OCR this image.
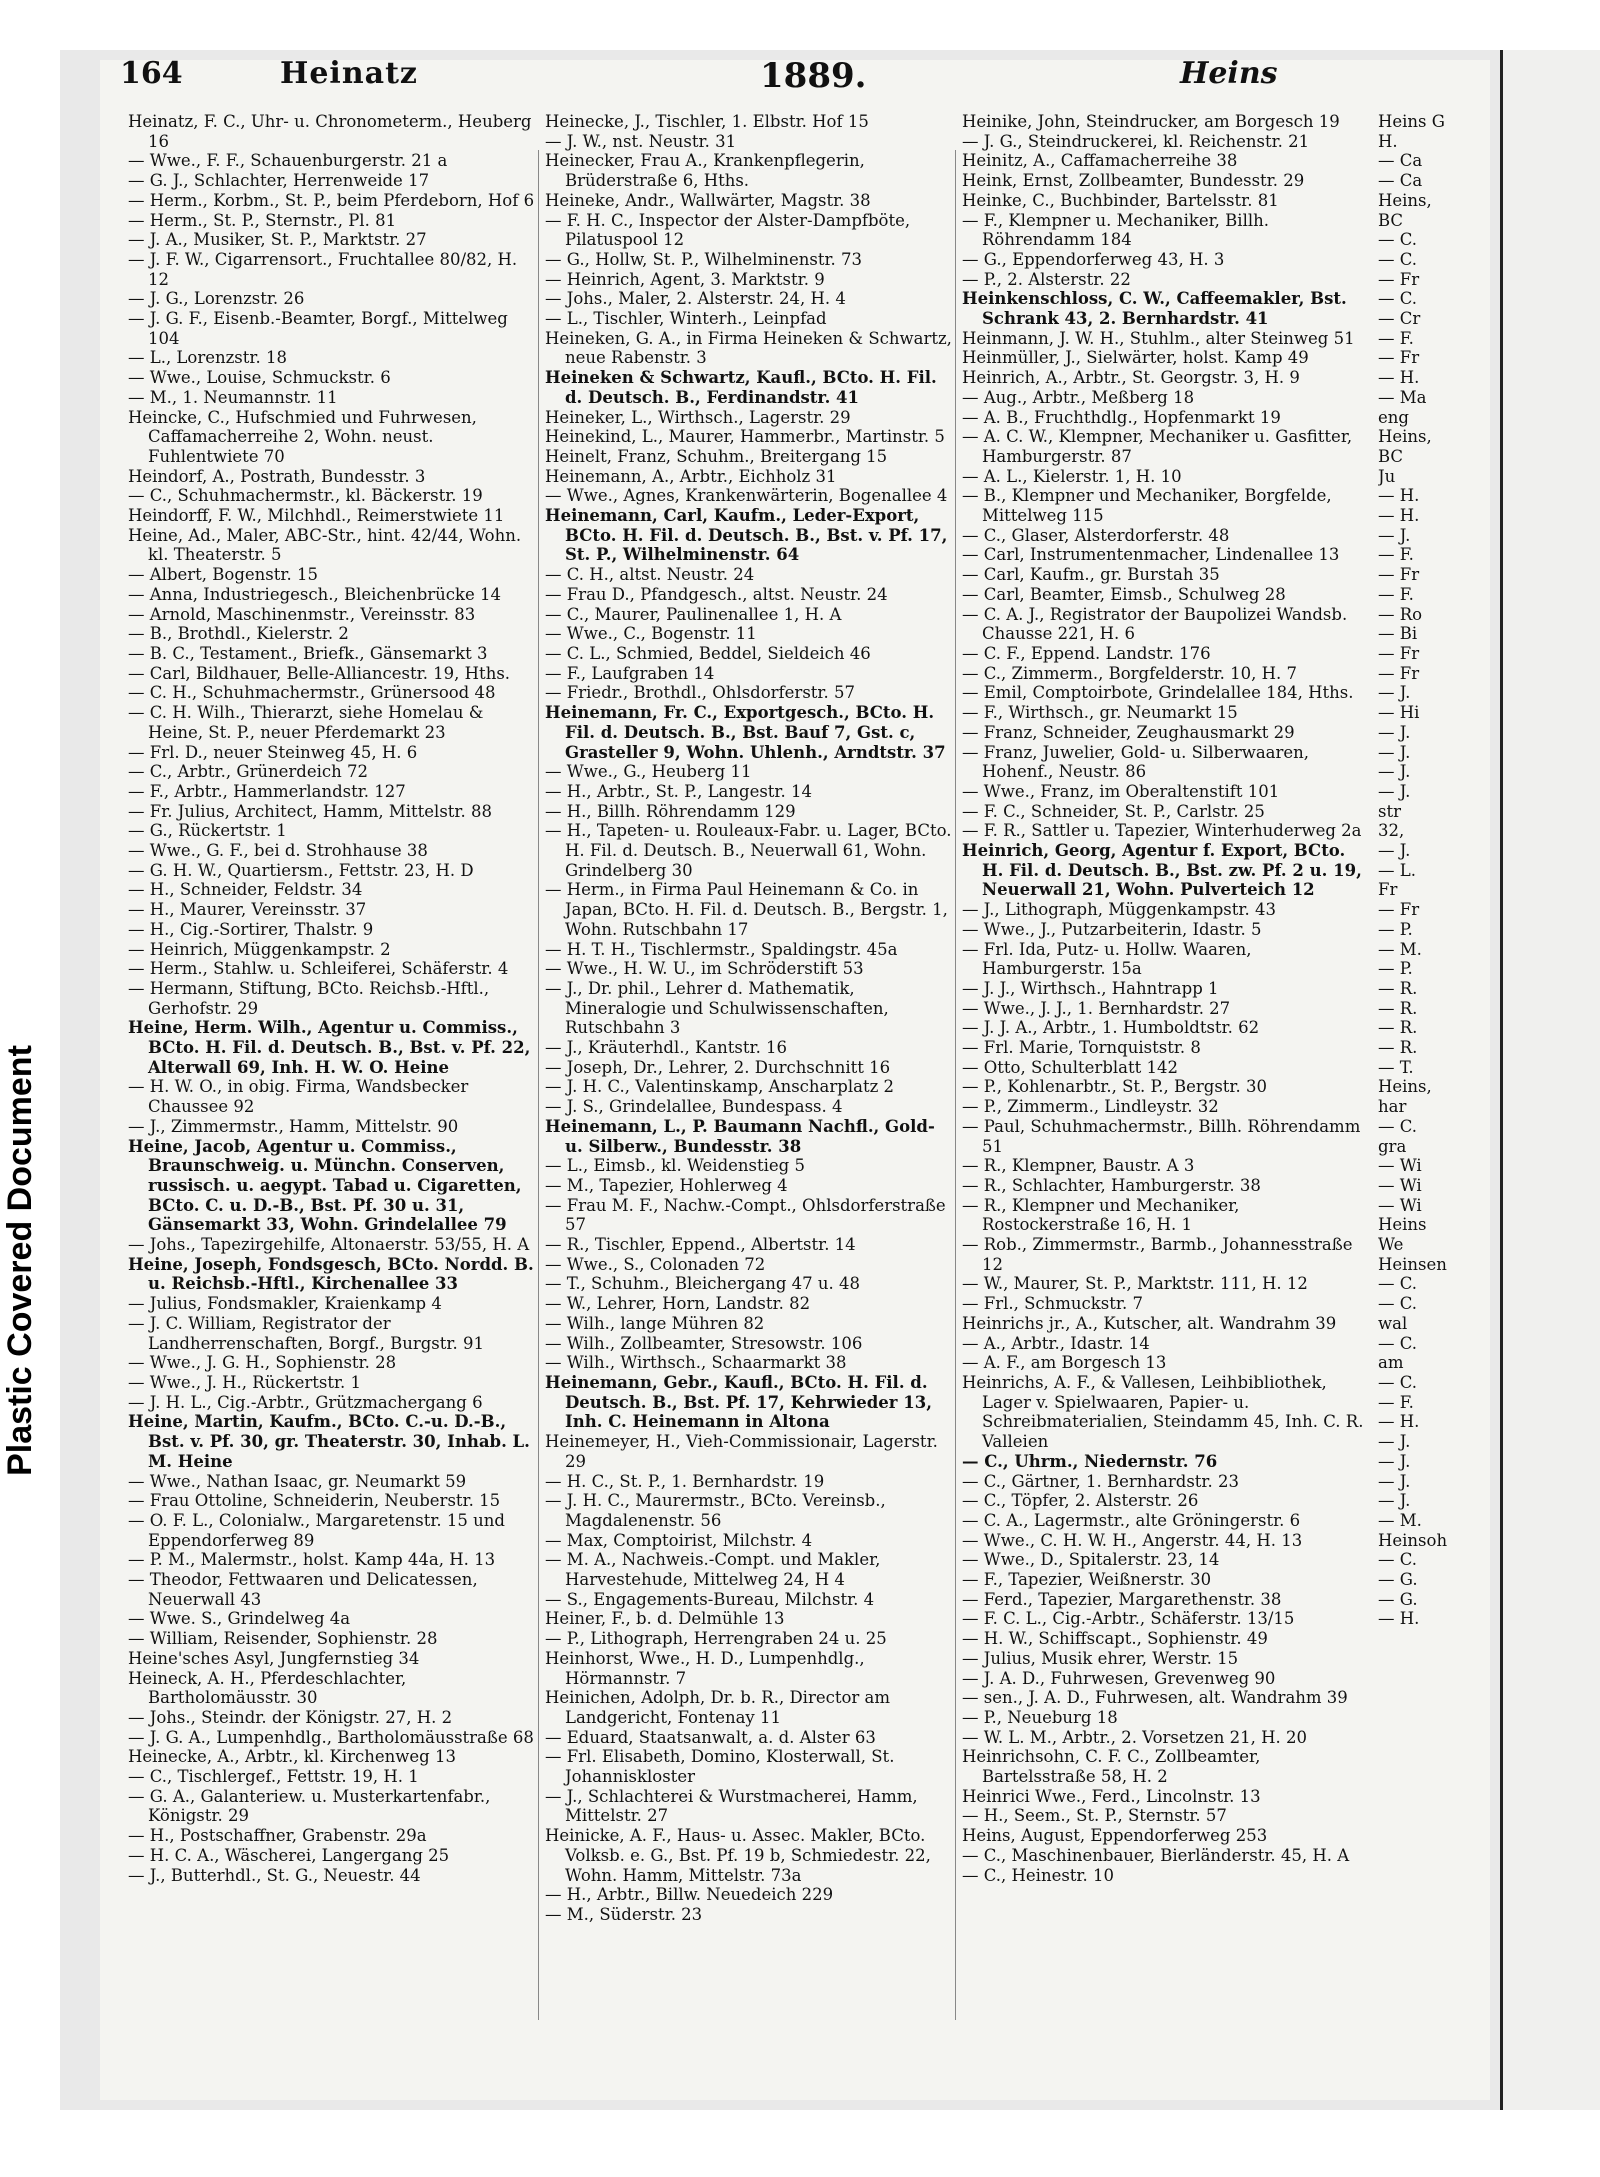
Plastic Covered Document
164	Heinatz	1889.	Heins

Heinatz, F. C., Uhr- u. Chronometerm., Heuberg 16

— Wwe., F. F., Schauenburgerstr. 21 a

— G. J., Schlachter, Herrenweide 17

— Herm., Korbm., St. P., beim Pferdeborn, Hof 6

— Herm., St. P., Sternstr., Pl. 81

— J. A., Musiker, St. P., Marktstr. 27

— J. F. W., Cigarrensort., Fruchtallee 80/82, H. 12

— J. G., Lorenzstr. 26

— J. G. F., Eisenb.-Beamter, Borgf., Mittelweg 104

— L., Lorenzstr. 18

— Wwe., Louise, Schmuckstr. 6

— M., 1. Neumannstr. 11

Heincke, C., Hufschmied und Fuhrwesen, Caffamacherreihe 2, Wohn. neust. Fuhlentwiete 70

Heindorf, A., Postrath, Bundesstr. 3

— C., Schuhmachermstr., kl. Bäckerstr. 19

Heindorff, F. W., Milchhdl., Reimerstwiete 11

Heine, Ad., Maler, ABC-Str., hint. 42/44, Wohn. kl. Theaterstr. 5

— Albert, Bogenstr. 15

— Anna, Industriegesch., Bleichenbrücke 14

— Arnold, Maschinenmstr., Vereinsstr. 83

— B., Brothdl., Kielerstr. 2

— B. C., Testament., Briefk., Gänsemarkt 3

— Carl, Bildhauer, Belle-Alliancestr. 19, Hths.

— C. H., Schuhmachermstr., Grünersood 48

— C. H. Wilh., Thierarzt, siehe Homelau & Heine, St. P., neuer Pferdemarkt 23

— Frl. D., neuer Steinweg 45, H. 6

— C., Arbtr., Grünerdeich 72

— F., Arbtr., Hammerlandstr. 127

— Fr. Julius, Architect, Hamm, Mittelstr. 88

— G., Rückertstr. 1

— Wwe., G. F., bei d. Strohhause 38

— G. H. W., Quartiersm., Fettstr. 23, H. D

— H., Schneider, Feldstr. 34

— H., Maurer, Vereinsstr. 37

— H., Cig.-Sortirer, Thalstr. 9

— Heinrich, Müggenkampstr. 2

— Herm., Stahlw. u. Schleiferei, Schäferstr. 4

— Hermann, Stiftung, BCto. Reichsb.-Hftl., Gerhofstr. 29

Heine, Herm. Wilh., Agentur u. Commiss., BCto. H. Fil. d. Deutsch. B., Bst. v. Pf. 22, Alterwall 69, Inh. H. W. O. Heine

— H. W. O., in obig. Firma, Wandsbecker Chaussee 92

— J., Zimmermstr., Hamm, Mittelstr. 90

Heine, Jacob, Agentur u. Commiss., Braunschweig. u. Münchn. Conserven, russisch. u. aegypt. Tabad u. Cigaretten, BCto. C. u. D.-B., Bst. Pf. 30 u. 31, Gänsemarkt 33, Wohn. Grindelallee 79

— Johs., Tapezirgehilfe, Altonaerstr. 53/55, H. A

Heine, Joseph, Fondsgesch, BCto. Nordd. B. u. Reichsb.-Hftl., Kirchenallee 33

— Julius, Fondsmakler, Kraienkamp 4

— J. C. William, Registrator der Landherrenschaften, Borgf., Burgstr. 91

— Wwe., J. G. H., Sophienstr. 28

— Wwe., J. H., Rückertstr. 1

— J. H. L., Cig.-Arbtr., Grützmachergang 6

Heine, Martin, Kaufm., BCto. C.-u. D.-B., Bst. v. Pf. 30, gr. Theaterstr. 30, Inhab. L. M. Heine

— Wwe., Nathan Isaac, gr. Neumarkt 59

— Frau Ottoline, Schneiderin, Neuberstr. 15

— O. F. L., Colonialw., Margaretenstr. 15 und Eppendorferweg 89

— P. M., Malermstr., holst. Kamp 44a, H. 13

— Theodor, Fettwaaren und Delicatessen, Neuerwall 43

— Wwe. S., Grindelweg 4a

— William, Reisender, Sophienstr. 28

Heine'sches Asyl, Jungfernstieg 34

Heineck, A. H., Pferdeschlachter, Bartholomäusstr. 30

— Johs., Steindr. der Königstr. 27, H. 2

— J. G. A., Lumpenhdlg., Bartholomäusstraße 68

Heinecke, A., Arbtr., kl. Kirchenweg 13

— C., Tischlergef., Fettstr. 19, H. 1

— G. A., Galanteriew. u. Musterkartenfabr., Königstr. 29

— H., Postschaffner, Grabenstr. 29a

— H. C. A., Wäscherei, Langergang 25

— J., Butterhdl., St. G., Neuestr. 44

Heinecke, J., Tischler, 1. Elbstr. Hof 15

— J. W., nst. Neustr. 31

Heinecker, Frau A., Krankenpflegerin, Brüderstraße 6, Hths.

Heineke, Andr., Wallwärter, Magstr. 38

— F. H. C., Inspector der Alster-Dampfböte, Pilatuspool 12

— G., Hollw, St. P., Wilhelminenstr. 73

— Heinrich, Agent, 3. Marktstr. 9

— Johs., Maler, 2. Alsterstr. 24, H. 4

— L., Tischler, Winterh., Leinpfad

Heineken, G. A., in Firma Heineken & Schwartz, neue Rabenstr. 3

Heineken & Schwartz, Kaufl., BCto. H. Fil. d. Deutsch. B., Ferdinandstr. 41

Heineker, L., Wirthsch., Lagerstr. 29

Heinekind, L., Maurer, Hammerbr., Martinstr. 5

Heinelt, Franz, Schuhm., Breitergang 15

Heinemann, A., Arbtr., Eichholz 31

— Wwe., Agnes, Krankenwärterin, Bogenallee 4

Heinemann, Carl, Kaufm., Leder-Export, BCto. H. Fil. d. Deutsch. B., Bst. v. Pf. 17, St. P., Wilhelminenstr. 64

— C. H., altst. Neustr. 24

— Frau D., Pfandgesch., altst. Neustr. 24

— C., Maurer, Paulinenallee 1, H. A

— Wwe., C., Bogenstr. 11

— C. L., Schmied, Beddel, Sieldeich 46

— F., Laufgraben 14

— Friedr., Brothdl., Ohlsdorferstr. 57

Heinemann, Fr. C., Exportgesch., BCto. H. Fil. d. Deutsch. B., Bst. Bauf 7, Gst. c, Grasteller 9, Wohn. Uhlenh., Arndtstr. 37

— Wwe., G., Heuberg 11

— H., Arbtr., St. P., Langestr. 14

— H., Billh. Röhrendamm 129

— H., Tapeten- u. Rouleaux-Fabr. u. Lager, BCto. H. Fil. d. Deutsch. B., Neuerwall 61, Wohn. Grindelberg 30

— Herm., in Firma Paul Heinemann & Co. in Japan, BCto. H. Fil. d. Deutsch. B., Bergstr. 1, Wohn. Rutschbahn 17

— H. T. H., Tischlermstr., Spaldingstr. 45a

— Wwe., H. W. U., im Schröderstift 53

— J., Dr. phil., Lehrer d. Mathematik, Mineralogie und Schulwissenschaften, Rutschbahn 3

— J., Kräuterhdl., Kantstr. 16

— Joseph, Dr., Lehrer, 2. Durchschnitt 16

— J. H. C., Valentinskamp, Anscharplatz 2

— J. S., Grindelallee, Bundespass. 4

Heinemann, L., P. Baumann Nachfl., Gold- u. Silberw., Bundesstr. 38

— L., Eimsb., kl. Weidenstieg 5

— M., Tapezier, Hohlerweg 4

— Frau M. F., Nachw.-Compt., Ohlsdorferstraße 57

— R., Tischler, Eppend., Albertstr. 14

— Wwe., S., Colonaden 72

— T., Schuhm., Bleichergang 47 u. 48

— W., Lehrer, Horn, Landstr. 82

— Wilh., lange Mühren 82

— Wilh., Zollbeamter, Stresowstr. 106

— Wilh., Wirthsch., Schaarmarkt 38

Heinemann, Gebr., Kaufl., BCto. H. Fil. d. Deutsch. B., Bst. Pf. 17, Kehrwieder 13, Inh. C. Heinemann in Altona

Heinemeyer, H., Vieh-Commissionair, Lagerstr. 29

— H. C., St. P., 1. Bernhardstr. 19

— J. H. C., Maurermstr., BCto. Vereinsb., Magdalenenstr. 56

— Max, Comptoirist, Milchstr. 4

— M. A., Nachweis.-Compt. und Makler, Harvestehude, Mittelweg 24, H 4

— S., Engagements-Bureau, Milchstr. 4

Heiner, F., b. d. Delmühle 13

— P., Lithograph, Herrengraben 24 u. 25

Heinhorst, Wwe., H. D., Lumpenhdlg., Hörmannstr. 7

Heinichen, Adolph, Dr. b. R., Director am Landgericht, Fontenay 11

— Eduard, Staatsanwalt, a. d. Alster 63

— Frl. Elisabeth, Domino, Klosterwall, St. Johanniskloster

— J., Schlachterei & Wurstmacherei, Hamm, Mittelstr. 27

Heinicke, A. F., Haus- u. Assec. Makler, BCto. Volksb. e. G., Bst. Pf. 19 b, Schmiedestr. 22, Wohn. Hamm, Mittelstr. 73a

— H., Arbtr., Billw. Neuedeich 229

— M., Süderstr. 23

Heinike, John, Steindrucker, am Borgesch 19

— J. G., Steindruckerei, kl. Reichenstr. 21

Heinitz, A., Caffamacherreihe 38

Heink, Ernst, Zollbeamter, Bundesstr. 29

Heinke, C., Buchbinder, Bartelsstr. 81

— F., Klempner u. Mechaniker, Billh. Röhrendamm 184

— G., Eppendorferweg 43, H. 3

— P., 2. Alsterstr. 22

Heinkenschloss, C. W., Caffeemakler, Bst. Schrank 43, 2. Bernhardstr. 41

Heinmann, J. W. H., Stuhlm., alter Steinweg 51

Heinmüller, J., Sielwärter, holst. Kamp 49

Heinrich, A., Arbtr., St. Georgstr. 3, H. 9

— Aug., Arbtr., Meßberg 18

— A. B., Fruchthdlg., Hopfenmarkt 19

— A. C. W., Klempner, Mechaniker u. Gasfitter, Hamburgerstr. 87

— A. L., Kielerstr. 1, H. 10

— B., Klempner und Mechaniker, Borgfelde, Mittelweg 115

— C., Glaser, Alsterdorferstr. 48

— Carl, Instrumentenmacher, Lindenallee 13

— Carl, Kaufm., gr. Burstah 35

— Carl, Beamter, Eimsb., Schulweg 28

— C. A. J., Registrator der Baupolizei Wandsb. Chausse 221, H. 6

— C. F., Eppend. Landstr. 176

— C., Zimmerm., Borgfelderstr. 10, H. 7

— Emil, Comptoirbote, Grindelallee 184, Hths.

— F., Wirthsch., gr. Neumarkt 15

— Franz, Schneider, Zeughausmarkt 29

— Franz, Juwelier, Gold- u. Silberwaaren, Hohenf., Neustr. 86

— Wwe., Franz, im Oberaltenstift 101

— F. C., Schneider, St. P., Carlstr. 25

— F. R., Sattler u. Tapezier, Winterhuderweg 2a

Heinrich, Georg, Agentur f. Export, BCto. H. Fil. d. Deutsch. B., Bst. zw. Pf. 2 u. 19, Neuerwall 21, Wohn. Pulverteich 12

— J., Lithograph, Müggenkampstr. 43

— Wwe., J., Putzarbeiterin, Idastr. 5

— Frl. Ida, Putz- u. Hollw. Waaren, Hamburgerstr. 15a

— J. J., Wirthsch., Hahntrapp 1

— Wwe., J. J., 1. Bernhardstr. 27

— J. J. A., Arbtr., 1. Humboldtstr. 62

— Frl. Marie, Tornquiststr. 8

— Otto, Schulterblatt 142

— P., Kohlenarbtr., St. P., Bergstr. 30

— P., Zimmerm., Lindleystr. 32

— Paul, Schuhmachermstr., Billh. Röhrendamm 51

— R., Klempner, Baustr. A 3

— R., Schlachter, Hamburgerstr. 38

— R., Klempner und Mechaniker, Rostockerstraße 16, H. 1

— Rob., Zimmermstr., Barmb., Johannesstraße 12

— W., Maurer, St. P., Marktstr. 111, H. 12

— Frl., Schmuckstr. 7

Heinrichs jr., A., Kutscher, alt. Wandrahm 39

— A., Arbtr., Idastr. 14

— A. F., am Borgesch 13

Heinrichs, A. F., & Vallesen, Leihbibliothek, Lager v. Spielwaaren, Papier- u. Schreibmaterialien, Steindamm 45, Inh. C. R. Valleien

— C., Uhrm., Niedernstr. 76

— C., Gärtner, 1. Bernhardstr. 23

— C., Töpfer, 2. Alsterstr. 26

— C. A., Lagermstr., alte Gröningerstr. 6

— Wwe., C. H. W. H., Angerstr. 44, H. 13

— Wwe., D., Spitalerstr. 23, 14

— F., Tapezier, Weißnerstr. 30

— Ferd., Tapezier, Margarethenstr. 38

— F. C. L., Cig.-Arbtr., Schäferstr. 13/15

— H. W., Schiffscapt., Sophienstr. 49

— Julius, Musik ehrer, Werstr. 15

— J. A. D., Fuhrwesen, Grevenweg 90

— sen., J. A. D., Fuhrwesen, alt. Wandrahm 39

— P., Neueburg 18

— W. L. M., Arbtr., 2. Vorsetzen 21, H. 20

Heinrichsohn, C. F. C., Zollbeamter, Bartelsstraße 58, H. 2

Heinrici Wwe., Ferd., Lincolnstr. 13

— H., Seem., St. P., Sternstr. 57

Heins, August, Eppendorferweg 253

— C., Maschinenbauer, Bierländerstr. 45, H. A

— C., Heinestr. 10

Heins G

H.

— Ca

— Ca

Heins,

BC

— C.

— C.

— Fr

— C.

— Cr

— F.

— Fr

— H.

— Ma

eng

Heins,

BC

Ju

— H.

— H.

— J.

— F.

— Fr

— F.

— Ro

— Bi

— Fr

— Fr

— J.

— Hi

— J.

— J.

— J.

— J.

str

32,

— J.

— L.

Fr

— Fr

— P.

— M.

— P.

— R.

— R.

— R.

— R.

— T.

Heins,

har

— C.

gra

— Wi

— Wi

— Wi

Heins

We

Heinsen

— C.

— C.

wal

— C.

am

— C.

— F.

— H.

— J.

— J.

— J.

— J.

— M.

Heinsoh

— C.

— G.

— G.

— H.
